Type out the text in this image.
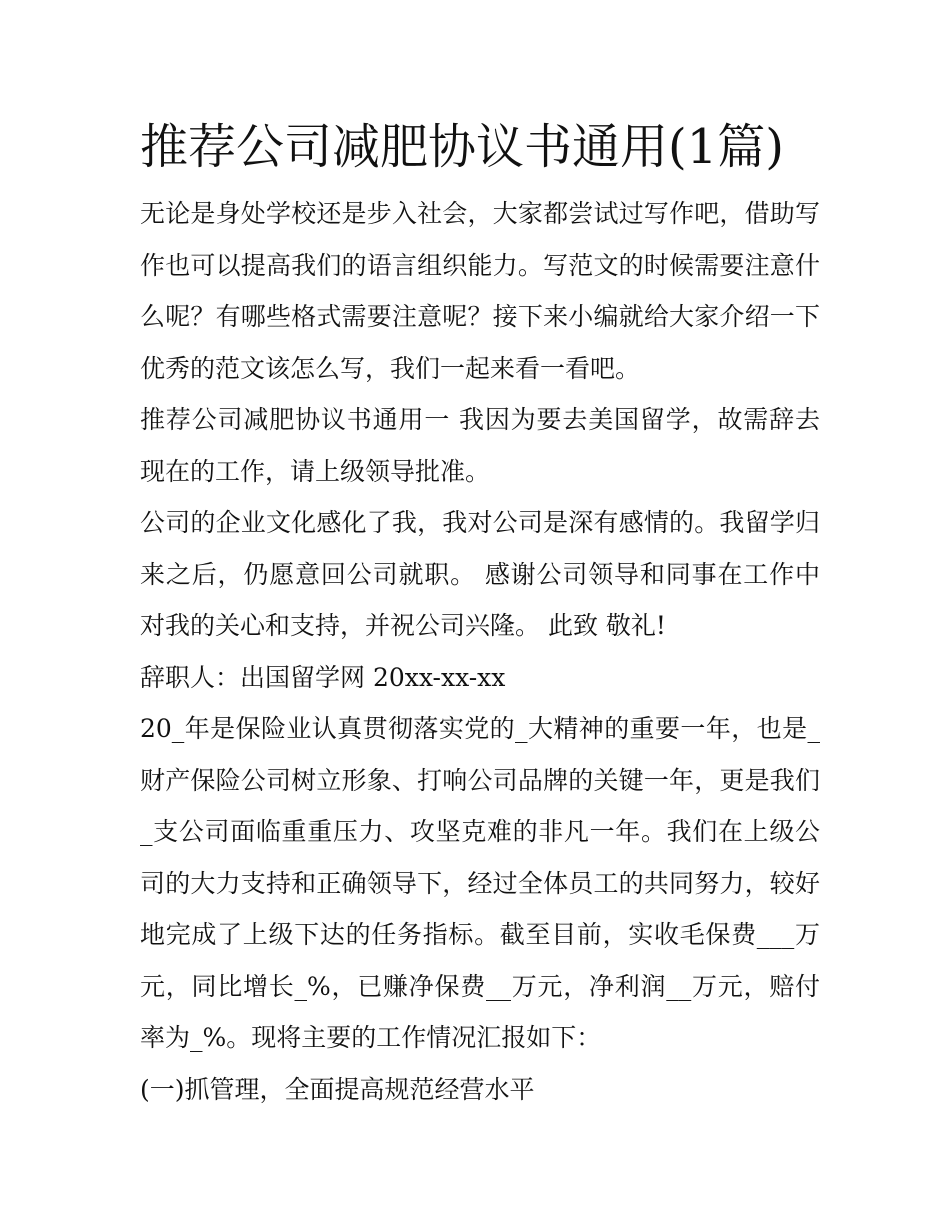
推荐公司减肥协议书通用(1篇)

无论是身处学校还是步入社会，大家都尝试过写作吧，借助写作也可以提高我们的语言组织能力。写范文的时候需要注意什么呢？有哪些格式需要注意呢？接下来小编就给大家介绍一下优秀的范文该怎么写，我们一起来看一看吧。

推荐公司减肥协议书通用一 我因为要去美国留学，故需辞去现在的工作，请上级领导批准。

公司的企业文化感化了我，我对公司是深有感情的。我留学归来之后，仍愿意回公司就职。 感谢公司领导和同事在工作中对我的关心和支持，并祝公司兴隆。 此致 敬礼!

辞职人：出国留学网 20xx-xx-xx

20_年是保险业认真贯彻落实党的_大精神的重要一年，也是_财产保险公司树立形象、打响公司品牌的关键一年，更是我们_支公司面临重重压力、攻坚克难的非凡一年。我们在上级公司的大力支持和正确领导下，经过全体员工的共同努力，较好地完成了上级下达的任务指标。截至目前，实收毛保费___万元，同比增长_%，已赚净保费__万元，净利润__万元，赔付率为_%。现将主要的工作情况汇报如下：

(一)抓管理，全面提高规范经营水平
